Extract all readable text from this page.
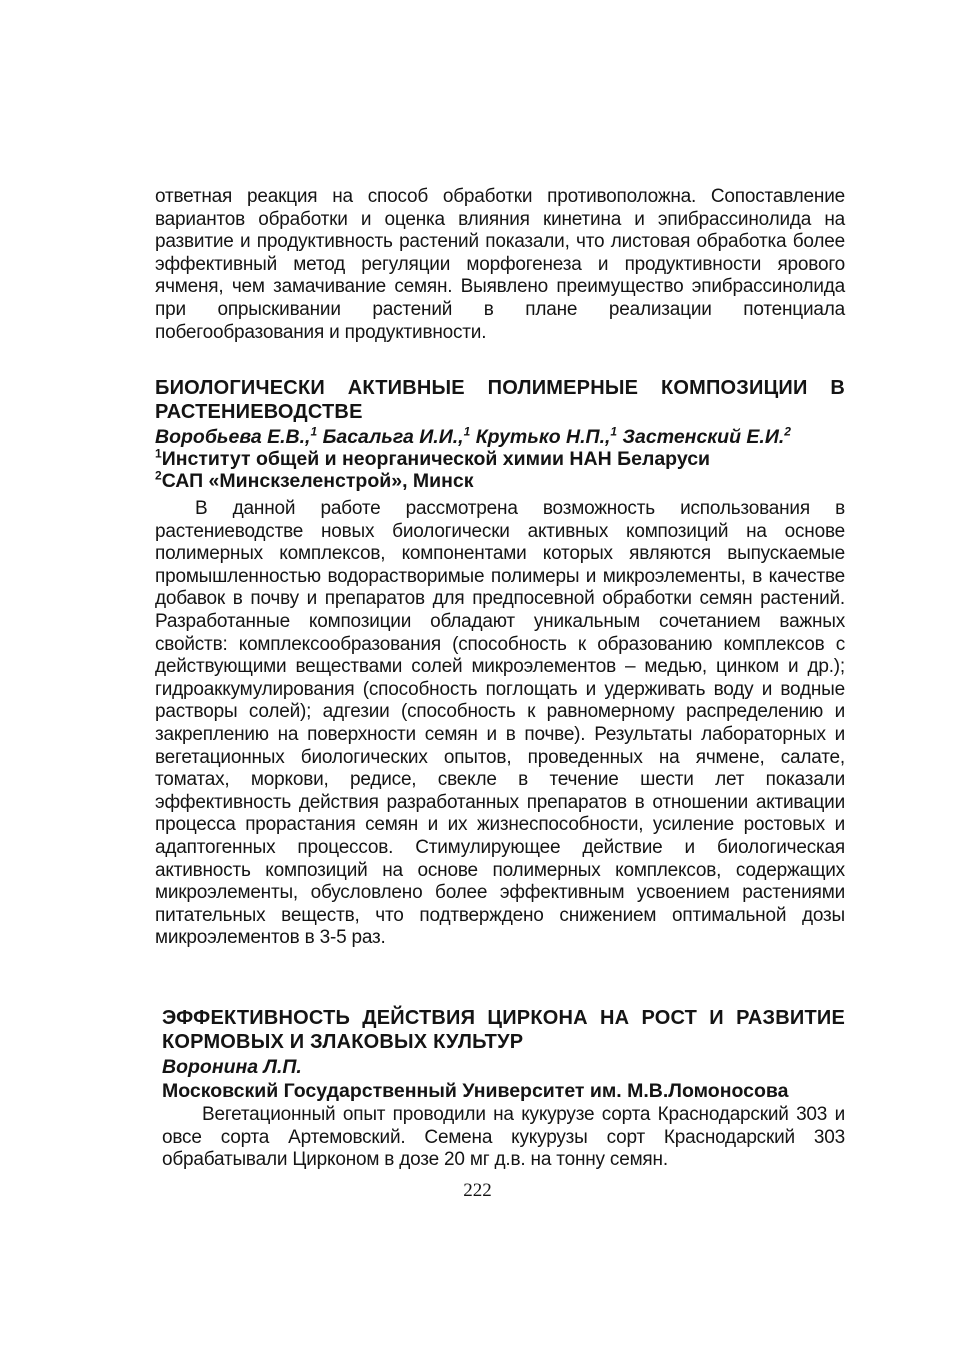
ответная реакция на способ обработки противоположна. Сопоставление вариантов обработки и оценка влияния кинетина и эпибрассинолида на развитие и продуктивность растений показали, что листовая обработка более эффективный метод регуляции морфогенеза и продуктивности ярового ячменя, чем замачивание семян. Выявлено преимущество эпибрассинолида при опрыскивании растений в плане реализации потенциала побегообразования и продуктивности.

БИОЛОГИЧЕСКИ АКТИВНЫЕ ПОЛИМЕРНЫЕ КОМПОЗИЦИИ В РАСТЕНИЕВОДСТВЕ

Воробьева Е.В.,$^1$ Басальга И.И.,$^1$ Крутько Н.П.,$^1$ Застенский Е.И.$^2$

$^1$Институт общей и неорганической химии НАН Беларуси

$^2$САП «Минскзеленстрой», Минск

В данной работе рассмотрена возможность использования в растениеводстве новых биологически активных композиций на основе полимерных комплексов, компонентами которых являются выпускаемые промышленностью водорастворимые полимеры и микроэлементы, в качестве добавок в почву и препаратов для предпосевной обработки семян растений. Разработанные композиции обладают уникальным сочетанием важных свойств: комплексообразования (способность к образованию комплексов с действующими веществами солей микроэлементов – медью, цинком и др.); гидроаккумулирования (способность поглощать и удерживать воду и водные растворы солей); адгезии (способность к равномерному распределению и закреплению на поверхности семян и в почве). Результаты лабораторных и вегетационных биологических опытов, проведенных на ячмене, салате, томатах, моркови, редисе, свекле в течение шести лет показали эффективность действия разработанных препаратов в отношении активации процесса прорастания семян и их жизнеспособности, усиление ростовых и адаптогенных процессов. Стимулирующее действие и биологическая активность композиций на основе полимерных комплексов, содержащих микроэлементы, обусловлено более эффективным усвоением растениями питательных веществ, что подтверждено снижением оптимальной дозы микроэлементов в 3-5 раз.

ЭФФЕКТИВНОСТЬ ДЕЙСТВИЯ ЦИРКОНА НА РОСТ И РАЗВИТИЕ КОРМОВЫХ И ЗЛАКОВЫХ КУЛЬТУР

Воронина Л.П.

Московский Государственный Университет им. М.В.Ломоносова

Вегетационный опыт проводили на кукурузе сорта Краснодарский 303 и овсе сорта Артемовский. Семена кукурузы сорт Краснодарский 303 обрабатывали Цирконом в дозе 20 мг д.в. на тонну семян.

222
